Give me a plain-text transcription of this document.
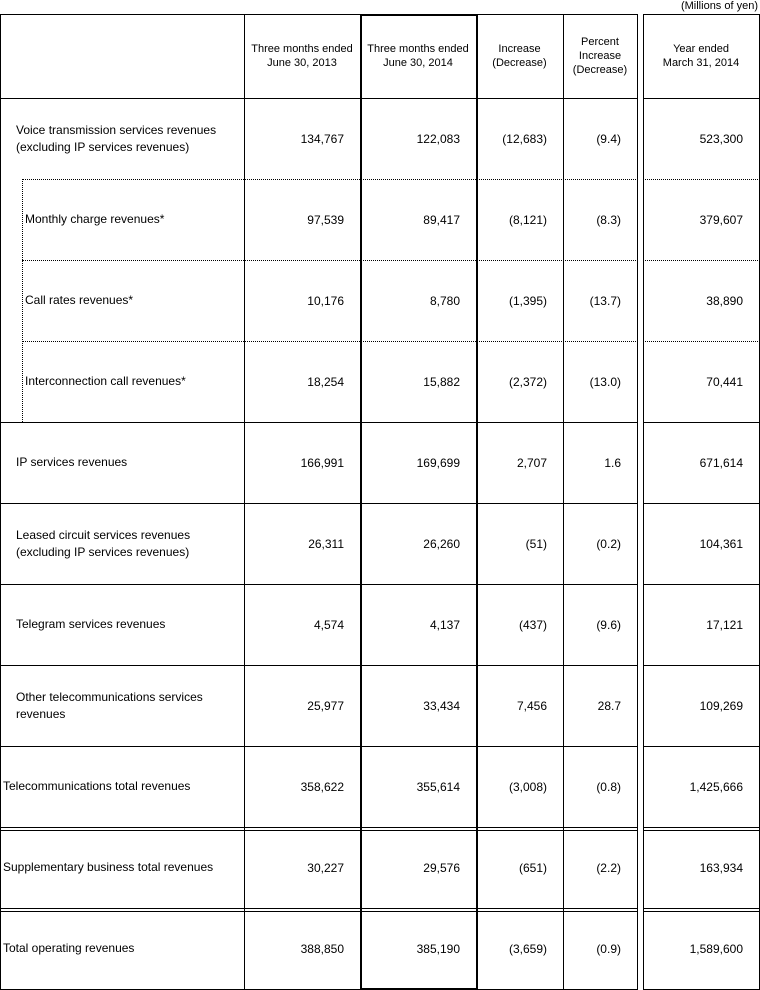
(Millions of yen)
Three months ended
June 30, 2013
Three months ended
June 30, 2014
Increase
(Decrease)
Percent
Increase
(Decrease)
Year ended
March 31, 2014
Voice transmission services revenues
(excluding IP services revenues)
134,767	122,083	(12,683)	(9.4)	523,300
Monthly charge revenues*	97,539	89,417	(8,121)	(8.3)	379,607
Call rates revenues*	10,176	8,780	(1,395)	(13.7)	38,890
Interconnection call revenues*	18,254	15,882	(2,372)	(13.0)	70,441
IP services revenues	166,991	169,699	2,707	1.6	671,614
Leased circuit services revenues
(excluding IP services revenues)
26,311	26,260	(51)	(0.2)	104,361
Telegram services revenues	4,574	4,137	(437)	(9.6)	17,121
Other telecommunications services
revenues
25,977	33,434	7,456	28.7	109,269
Telecommunications total revenues	358,622	355,614	(3,008)	(0.8)	1,425,666
Supplementary business total revenues	30,227	29,576	(651)	(2.2)	163,934
Total operating revenues	388,850	385,190	(3,659)	(0.9)	1,589,600
